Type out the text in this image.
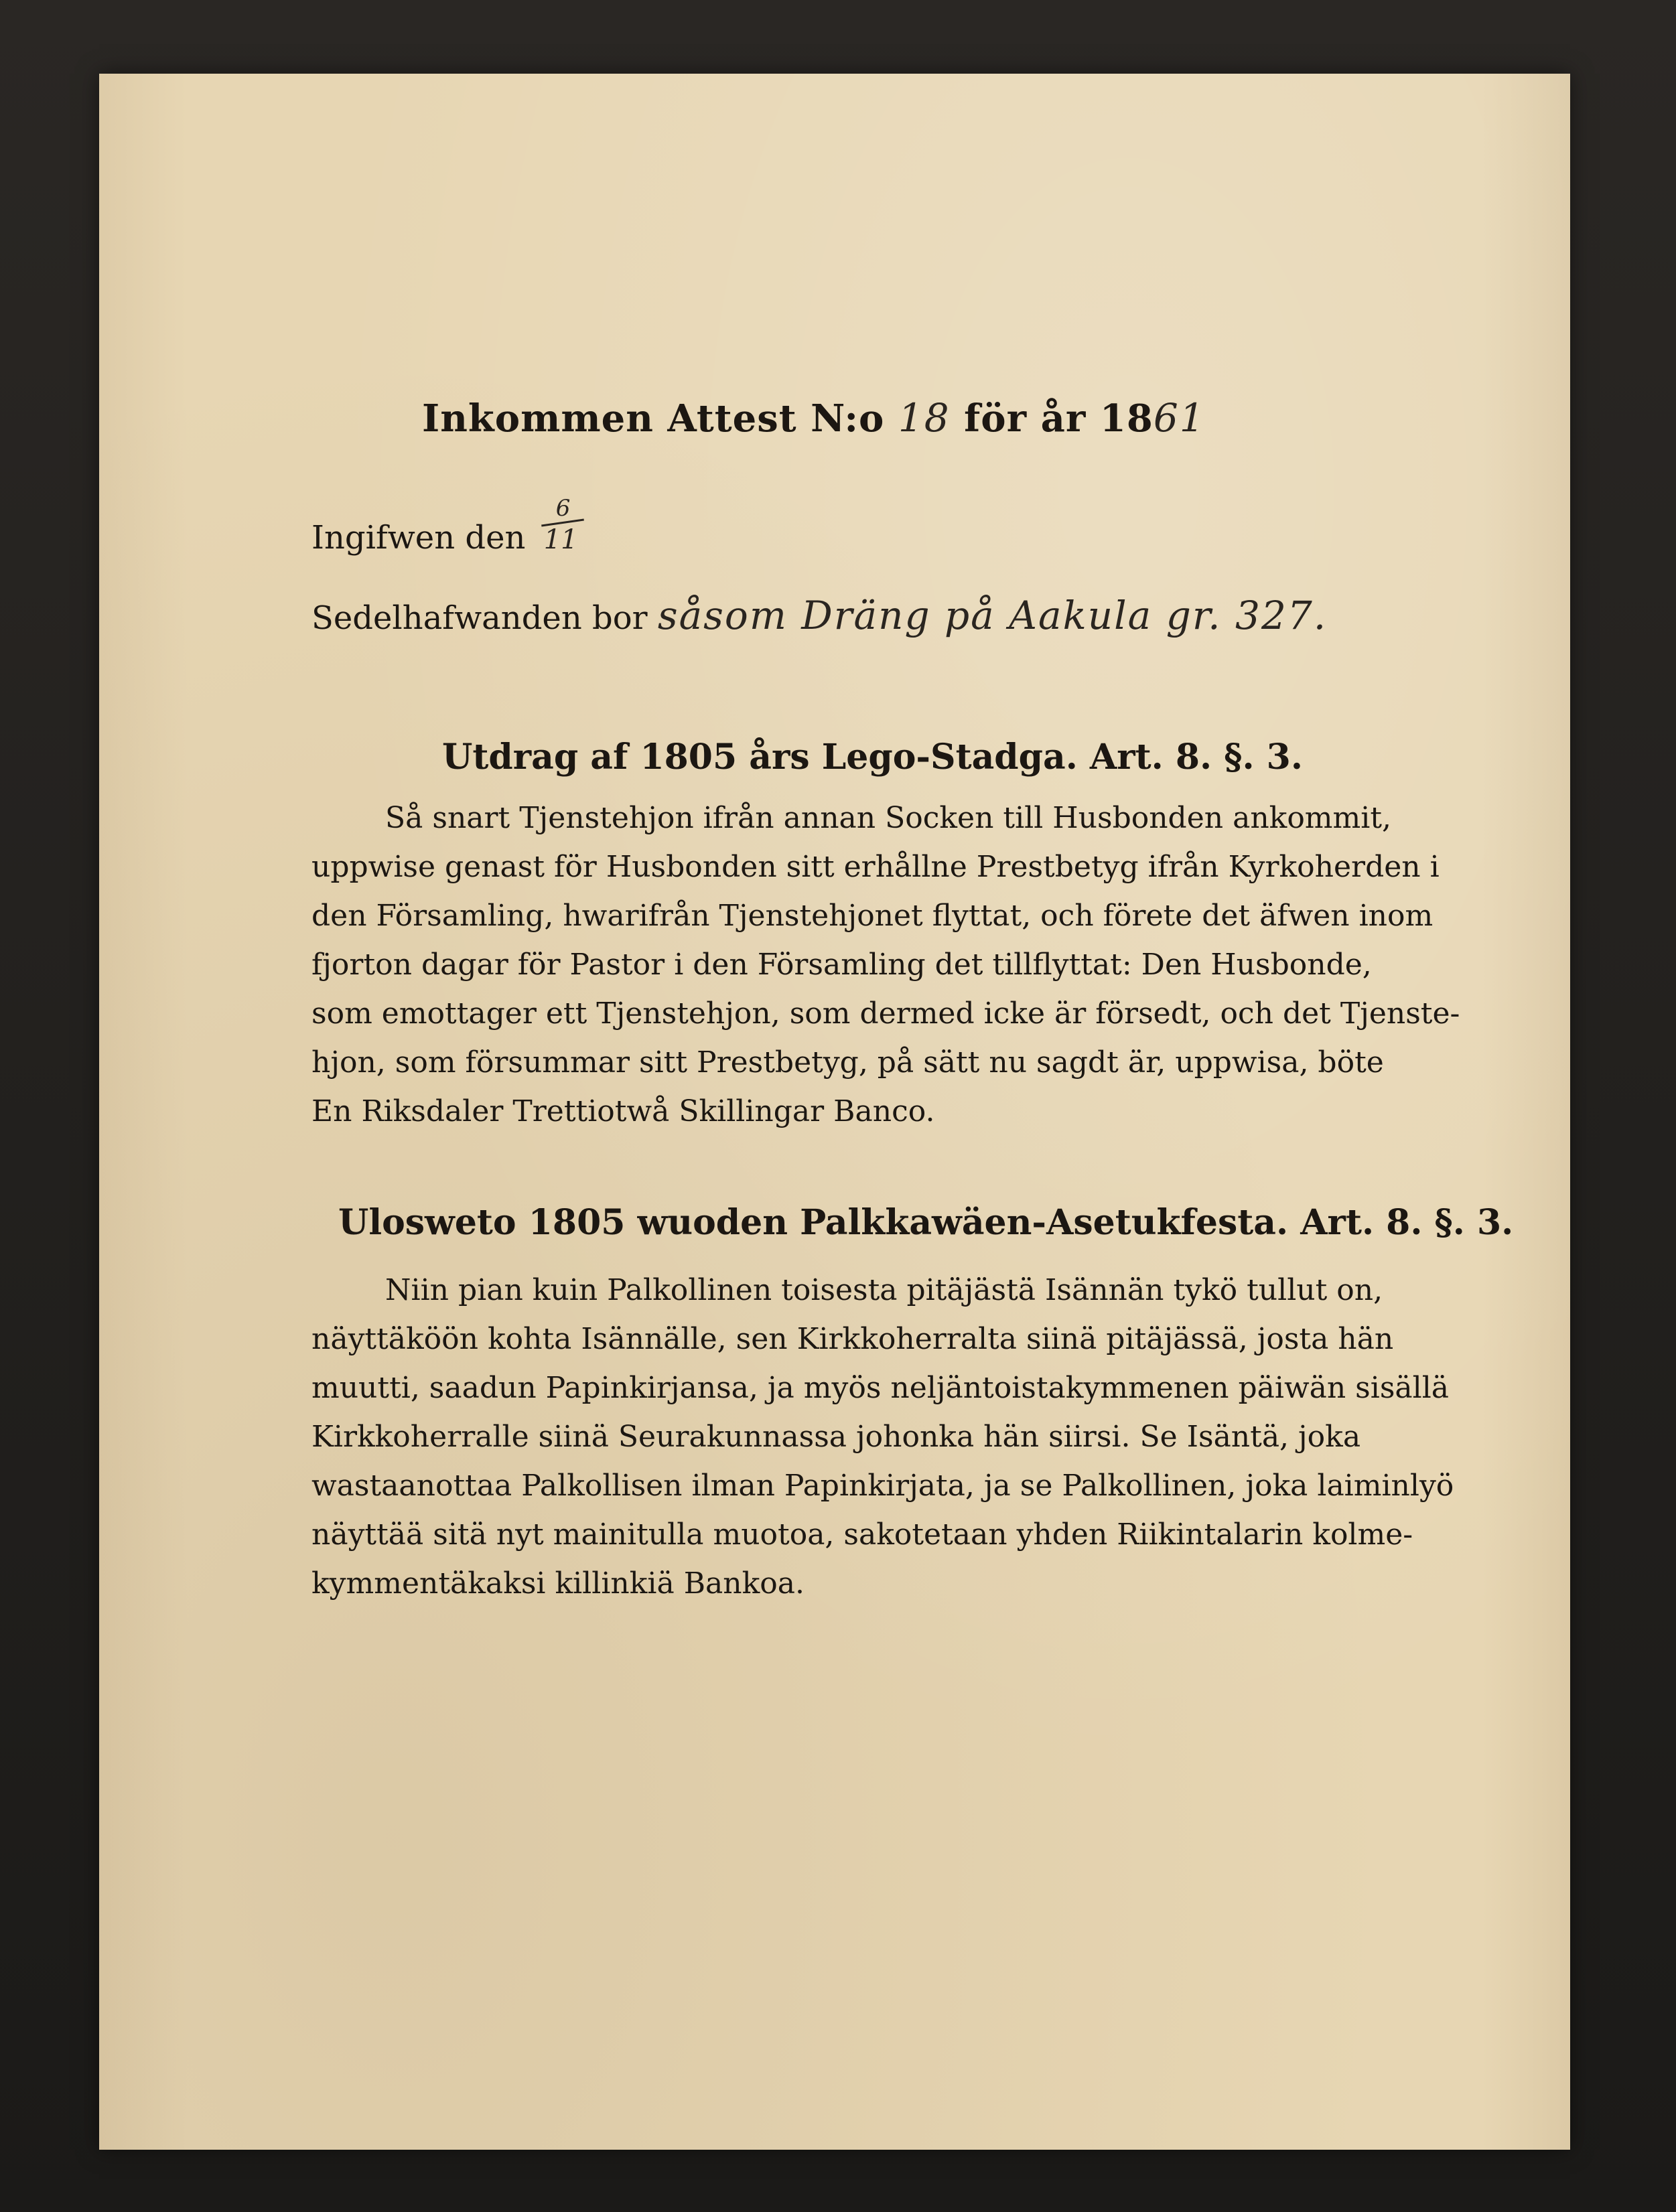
Inkommen Attest N:o 18 för år 1861
Ingifwen den
6
11
Sedelhafwanden bor såsom Dräng på Aakula gr. 327.
Utdrag af 1805 års Lego-Stadga. Art. 8. §. 3.
Så snart Tjenstehjon ifrån annan Socken till Husbonden ankommit,
uppwise genast för Husbonden sitt erhållne Prestbetyg ifrån Kyrkoherden i
den Församling, hwarifrån Tjenstehjonet flyttat, och förete det äfwen inom
fjorton dagar för Pastor i den Församling det tillflyttat: Den Husbonde,
som emottager ett Tjenstehjon, som dermed icke är försedt, och det Tjenste-
hjon, som försummar sitt Prestbetyg, på sätt nu sagdt är, uppwisa, böte
En Riksdaler Trettiotwå Skillingar Banco.
Ulosweto 1805 wuoden Palkkawäen-Asetukfesta. Art. 8. §. 3.
Niin pian kuin Palkollinen toisesta pitäjästä Isännän tykö tullut on,
näyttäköön kohta Isännälle, sen Kirkkoherralta siinä pitäjässä, josta hän
muutti, saadun Papinkirjansa, ja myös neljäntoistakymmenen päiwän sisällä
Kirkkoherralle siinä Seurakunnassa johonka hän siirsi. Se Isäntä, joka
wastaanottaa Palkollisen ilman Papinkirjata, ja se Palkollinen, joka laiminlyö
näyttää sitä nyt mainitulla muotoa, sakotetaan yhden Riikintalarin kolme-
kymmentäkaksi killinkiä Bankoa.
